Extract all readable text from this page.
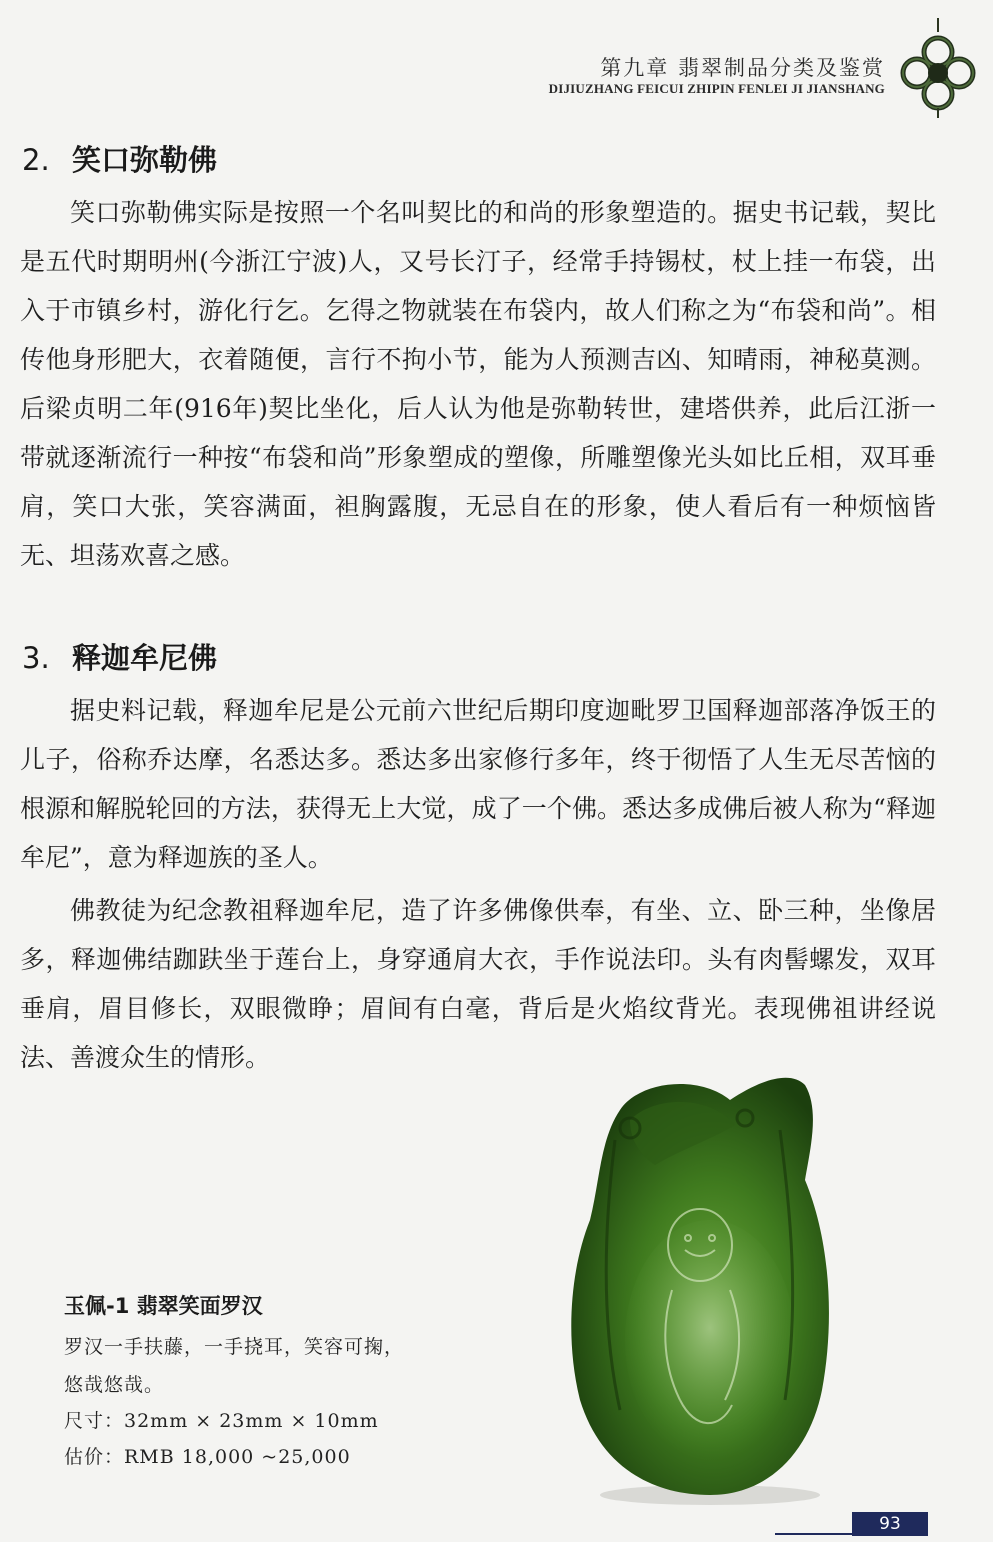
第九章 翡翠制品分类及鉴赏
DIJIUZHANG FEICUI ZHIPIN FENLEI JI JIANSHANG
2. 笑口弥勒佛

笑口弥勒佛实际是按照一个名叫契比的和尚的形象塑造的。据史书记载，契比是五代时期明州(今浙江宁波)人，又号长汀子，经常手持锡杖，杖上挂一布袋，出入于市镇乡村，游化行乞。乞得之物就装在布袋内，故人们称之为“布袋和尚”。相传他身形肥大，衣着随便，言行不拘小节，能为人预测吉凶、知晴雨，神秘莫测。后梁贞明二年(916年)契比坐化，后人认为他是弥勒转世，建塔供养，此后江浙一带就逐渐流行一种按“布袋和尚”形象塑成的塑像，所雕塑像光头如比丘相，双耳垂肩，笑口大张，笑容满面，袒胸露腹，无忌自在的形象，使人看后有一种烦恼皆无、坦荡欢喜之感。

3. 释迦牟尼佛

据史料记载，释迦牟尼是公元前六世纪后期印度迦毗罗卫国释迦部落净饭王的儿子，俗称乔达摩，名悉达多。悉达多出家修行多年，终于彻悟了人生无尽苦恼的根源和解脱轮回的方法，获得无上大觉，成了一个佛。悉达多成佛后被人称为“释迦牟尼”，意为释迦族的圣人。

佛教徒为纪念教祖释迦牟尼，造了许多佛像供奉，有坐、立、卧三种，坐像居多，释迦佛结跏趺坐于莲台上，身穿通肩大衣，手作说法印。头有肉髻螺发，双耳垂肩，眉目修长，双眼微睁；眉间有白毫，背后是火焰纹背光。表现佛祖讲经说法、善渡众生的情形。

玉佩-1 翡翠笑面罗汉
罗汉一手扶藤，一手挠耳，笑容可掬，
悠哉悠哉。
尺寸：32mm × 23mm × 10mm
估价：RMB 18,000 ~25,000
93
